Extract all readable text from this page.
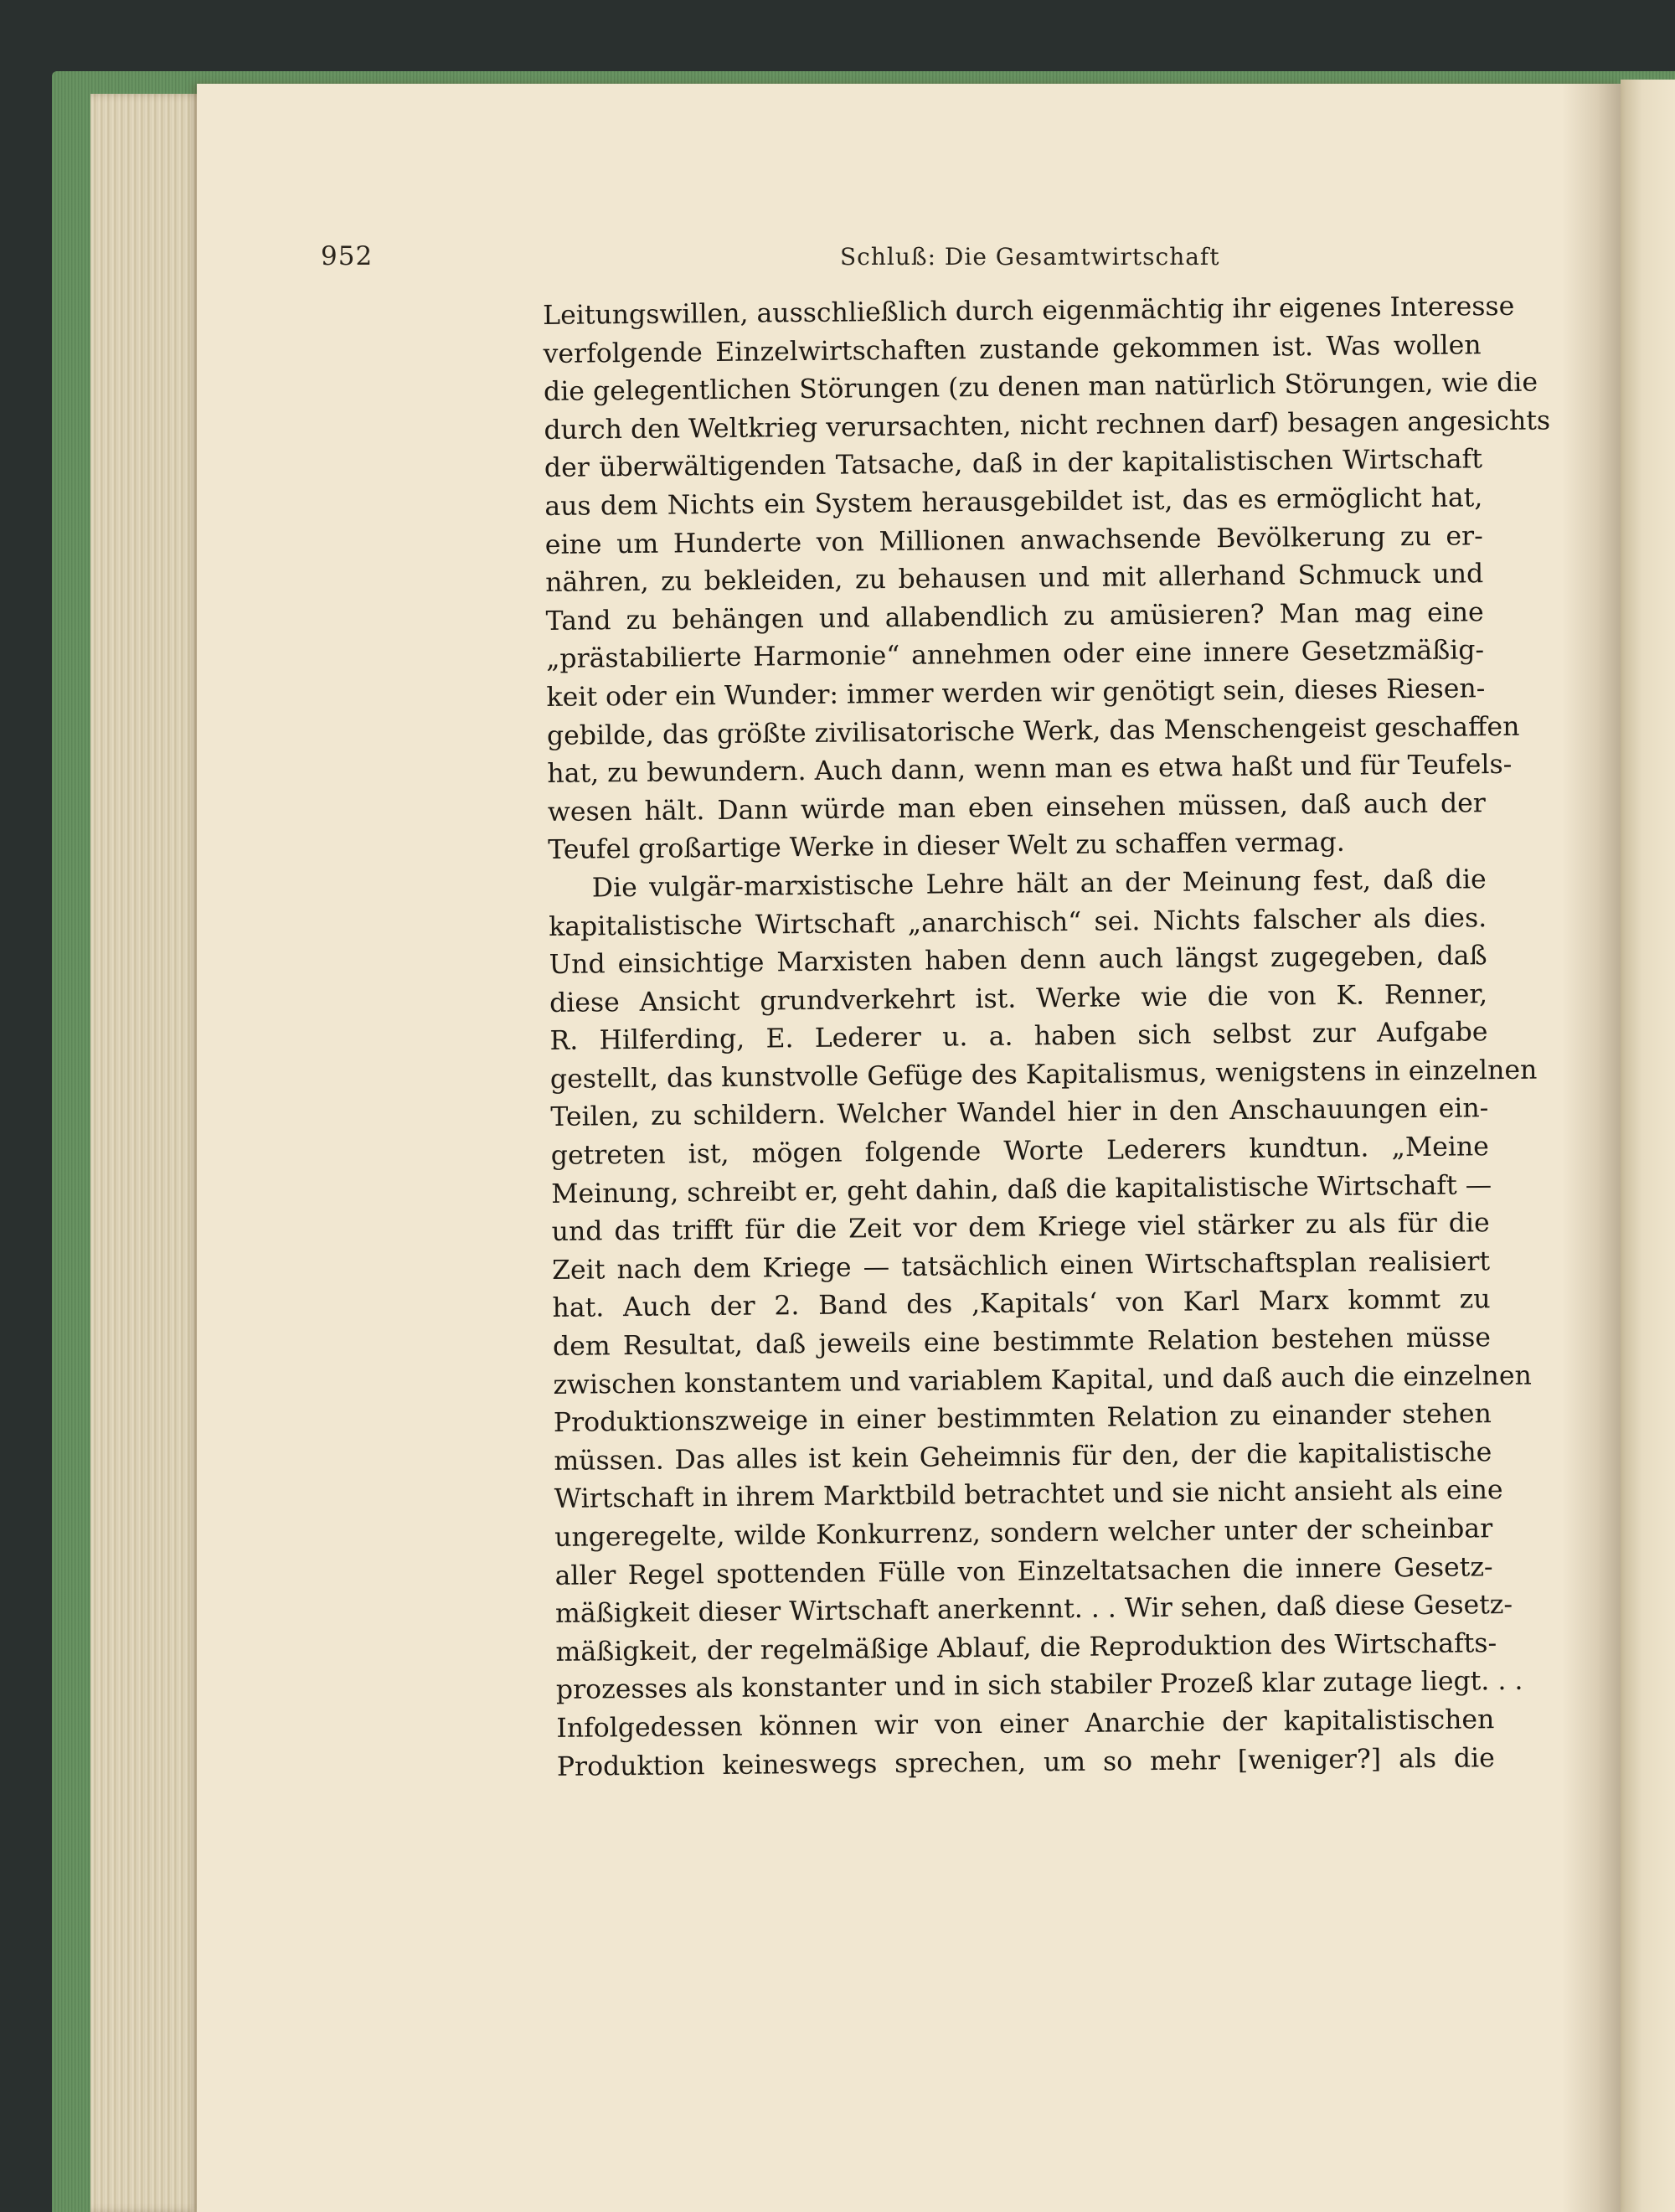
952	Schluß: Die Gesamtwirtschaft
Leitungswillen, ausschließlich durch eigenmächtig ihr eigenes Interesse
verfolgende Einzelwirtschaften zustande gekommen ist. Was wollen
die gelegentlichen Störungen (zu denen man natürlich Störungen, wie die
durch den Weltkrieg verursachten, nicht rechnen darf) besagen angesichts
der überwältigenden Tatsache, daß in der kapitalistischen Wirtschaft
aus dem Nichts ein System herausgebildet ist, das es ermöglicht hat,
eine um Hunderte von Millionen anwachsende Bevölkerung zu er-
nähren, zu bekleiden, zu behausen und mit allerhand Schmuck und
Tand zu behängen und allabendlich zu amüsieren? Man mag eine
„prästabilierte Harmonie“ annehmen oder eine innere Gesetzmäßig-
keit oder ein Wunder: immer werden wir genötigt sein, dieses Riesen-
gebilde, das größte zivilisatorische Werk, das Menschengeist geschaffen
hat, zu bewundern. Auch dann, wenn man es etwa haßt und für Teufels-
wesen hält. Dann würde man eben einsehen müssen, daß auch der
Teufel großartige Werke in dieser Welt zu schaffen vermag.
Die vulgär-marxistische Lehre hält an der Meinung fest, daß die
kapitalistische Wirtschaft „anarchisch“ sei. Nichts falscher als dies.
Und einsichtige Marxisten haben denn auch längst zugegeben, daß
diese Ansicht grundverkehrt ist. Werke wie die von K. Renner,
R. Hilferding, E. Lederer u. a. haben sich selbst zur Aufgabe
gestellt, das kunstvolle Gefüge des Kapitalismus, wenigstens in einzelnen
Teilen, zu schildern. Welcher Wandel hier in den Anschauungen ein-
getreten ist, mögen folgende Worte Lederers kundtun. „Meine
Meinung, schreibt er, geht dahin, daß die kapitalistische Wirtschaft —
und das trifft für die Zeit vor dem Kriege viel stärker zu als für die
Zeit nach dem Kriege — tatsächlich einen Wirtschaftsplan realisiert
hat. Auch der 2. Band des ‚Kapitals‘ von Karl Marx kommt zu
dem Resultat, daß jeweils eine bestimmte Relation bestehen müsse
zwischen konstantem und variablem Kapital, und daß auch die einzelnen
Produktionszweige in einer bestimmten Relation zu einander stehen
müssen. Das alles ist kein Geheimnis für den, der die kapitalistische
Wirtschaft in ihrem Marktbild betrachtet und sie nicht ansieht als eine
ungeregelte, wilde Konkurrenz, sondern welcher unter der scheinbar
aller Regel spottenden Fülle von Einzeltatsachen die innere Gesetz-
mäßigkeit dieser Wirtschaft anerkennt. . . Wir sehen, daß diese Gesetz-
mäßigkeit, der regelmäßige Ablauf, die Reproduktion des Wirtschafts-
prozesses als konstanter und in sich stabiler Prozeß klar zutage liegt. . .
Infolgedessen können wir von einer Anarchie der kapitalistischen
Produktion keineswegs sprechen, um so mehr [weniger?] als die
